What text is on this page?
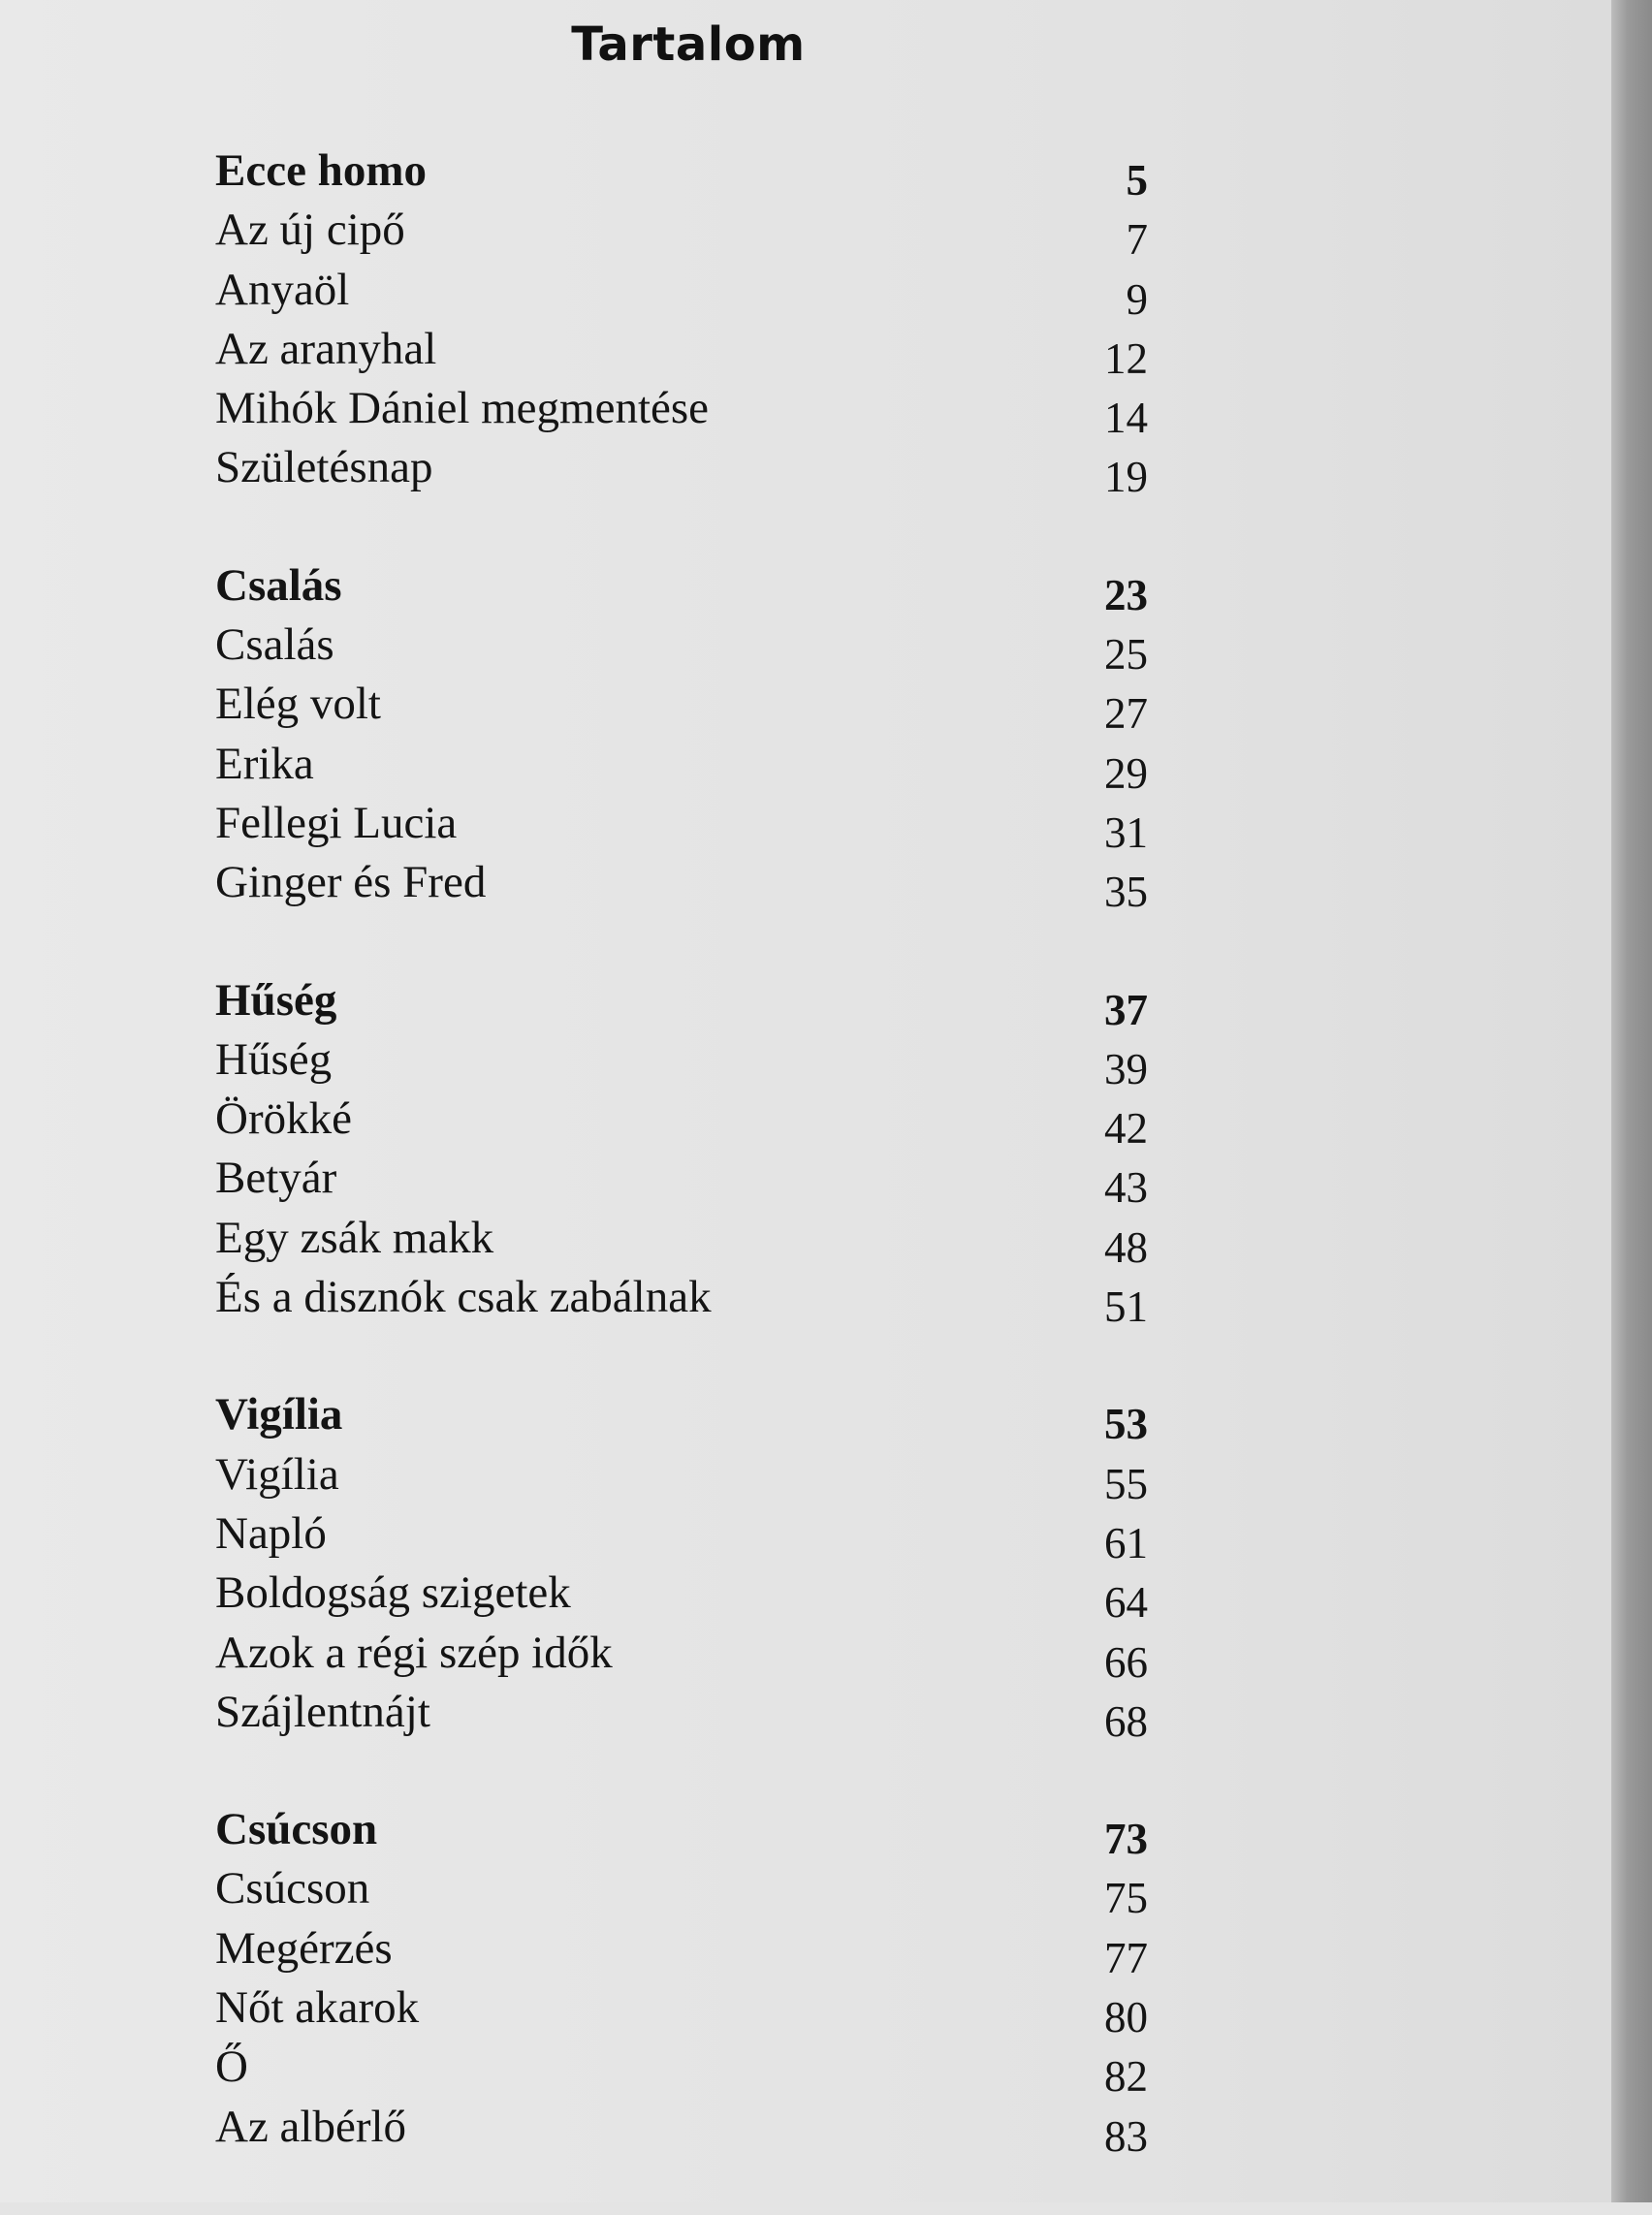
Tartalom
Ecce homo	5
Az új cipő	7
Anyaöl	9
Az aranyhal	12
Mihók Dániel megmentése	14
Születésnap	19
Csalás	23
Csalás	25
Elég volt	27
Erika	29
Fellegi Lucia	31
Ginger és Fred	35
Hűség	37
Hűség	39
Örökké	42
Betyár	43
Egy zsák makk	48
És a disznók csak zabálnak	51
Vigília	53
Vigília	55
Napló	61
Boldogság szigetek	64
Azok a régi szép idők	66
Szájlentnájt	68
Csúcson	73
Csúcson	75
Megérzés	77
Nőt akarok	80
Ő	82
Az albérlő	83
